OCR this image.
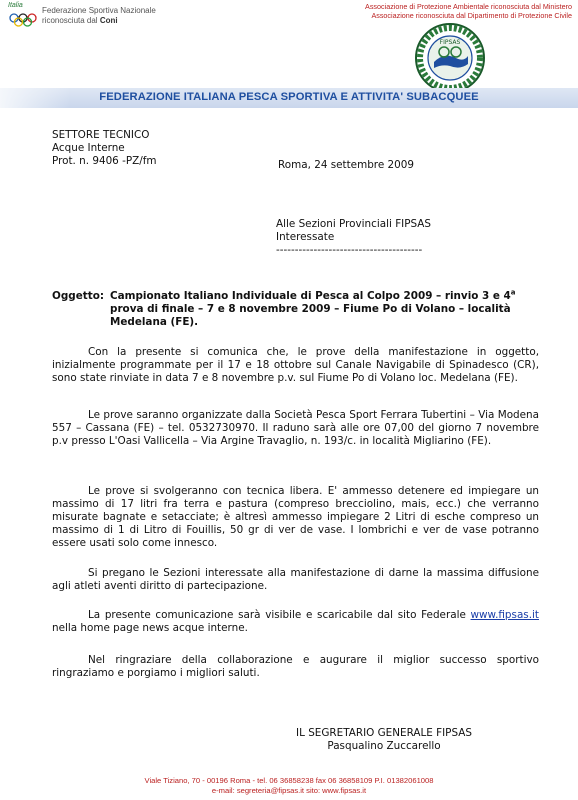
Italia
Federazione Sportiva Nazionale
riconosciuta dal Coni
Associazione di Protezione Ambientale riconosciuta dal Ministero
Associazione riconosciuta dal Dipartimento di Protezione Civile
FIPSAS
FEDERAZIONE ITALIANA PESCA SPORTIVA E ATTIVITA' SUBACQUEE
SETTORE TECNICO
Acque Interne
Prot. n. 9406 -PZ/fm	Roma, 24 settembre 2009
Alle Sezioni Provinciali FIPSAS
Interessate
---------------------------------------
Oggetto: Campionato Italiano Individuale di Pesca al Colpo 2009 – rinvio 3 e 4$^a$ prova di finale – 7 e 8 novembre 2009 – Fiume Po di Volano – località Medelana (FE).
Con la presente si comunica che, le prove della manifestazione in oggetto, inizialmente programmate per il 17 e 18 ottobre sul Canale Navigabile di Spinadesco (CR), sono state rinviate in data 7 e 8 novembre p.v. sul Fiume Po di Volano loc. Medelana (FE).
Le prove saranno organizzate dalla Società Pesca Sport Ferrara Tubertini – Via Modena 557 – Cassana (FE) – tel. 0532730970. Il raduno sarà alle ore 07,00 del giorno 7 novembre p.v presso L'Oasi Vallicella – Via Argine Travaglio, n. 193/c. in località Migliarino (FE).
Le prove si svolgeranno con tecnica libera. E' ammesso detenere ed impiegare un massimo di 17 litri fra terra e pastura (compreso brecciolino, mais, ecc.) che verranno misurate bagnate e setacciate; è altresì ammesso impiegare 2 Litri di esche compreso un massimo di 1 di Litro di Fouillis, 50 gr di ver de vase. I lombrichi e ver de vase potranno essere usati solo come innesco.
Si pregano le Sezioni interessate alla manifestazione di darne la massima diffusione agli atleti aventi diritto di partecipazione.
La presente comunicazione sarà visibile e scaricabile dal sito Federale www.fipsas.it nella home page news acque interne.
Nel ringraziare della collaborazione e augurare il miglior successo sportivo ringraziamo e porgiamo i migliori saluti.
IL SEGRETARIO GENERALE FIPSAS
Pasqualino Zuccarello
Viale Tiziano, 70 - 00196 Roma - tel. 06 36858238 fax 06 36858109 P.I. 01382061008
e-mail: segreteria@fipsas.it sito: www.fipsas.it
